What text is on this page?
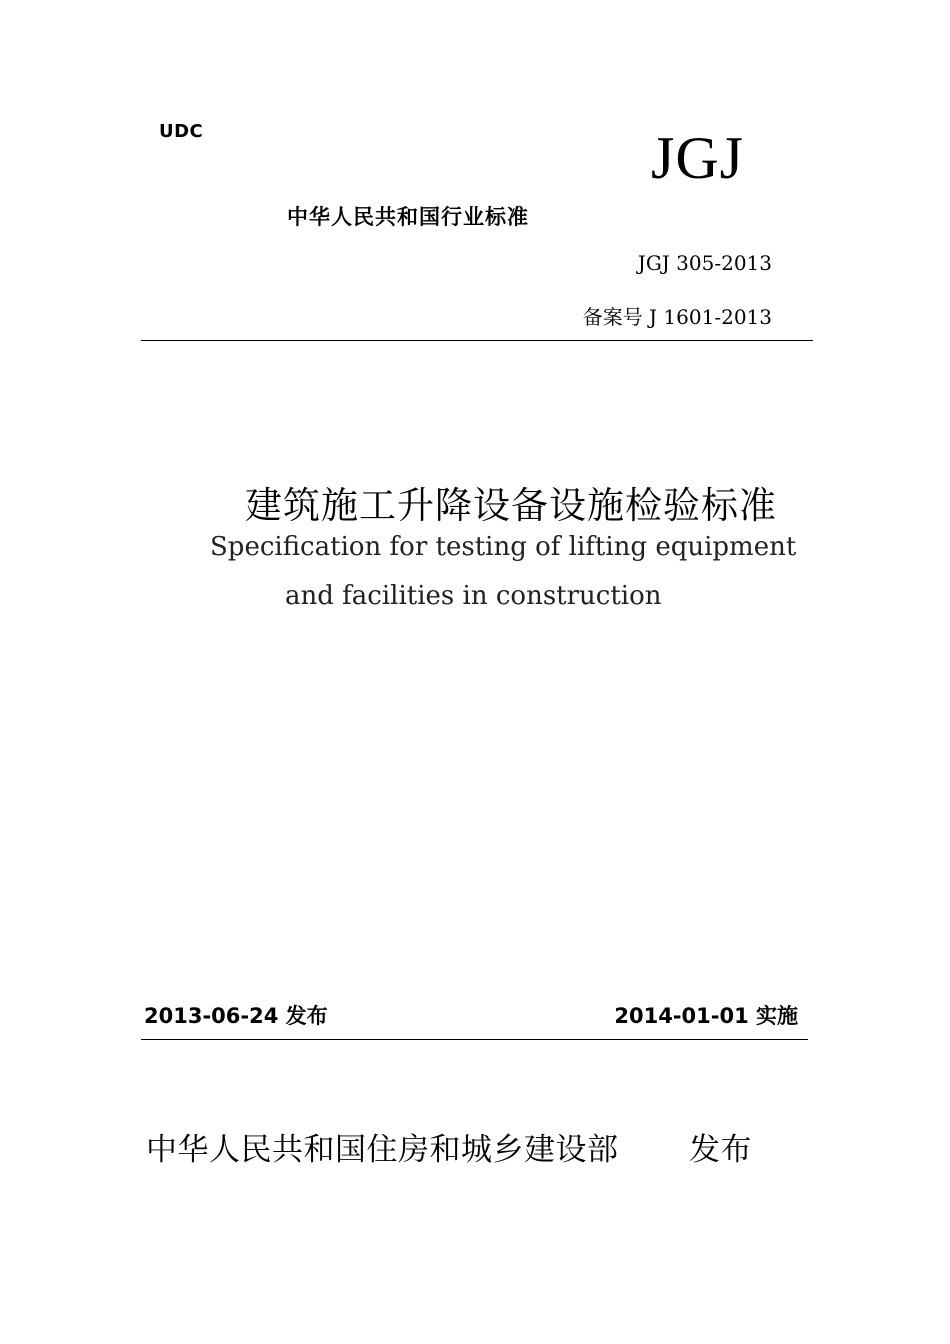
UDC	JGJ
中华人民共和国行业标准
JGJ 305-2013
备案号 J 1601-2013
建筑施工升降设备设施检验标准
Specification for testing of lifting equipment
and facilities in construction
2013-06-24 发布	2014-01-01 实施
中华人民共和国住房和城乡建设部 发布
